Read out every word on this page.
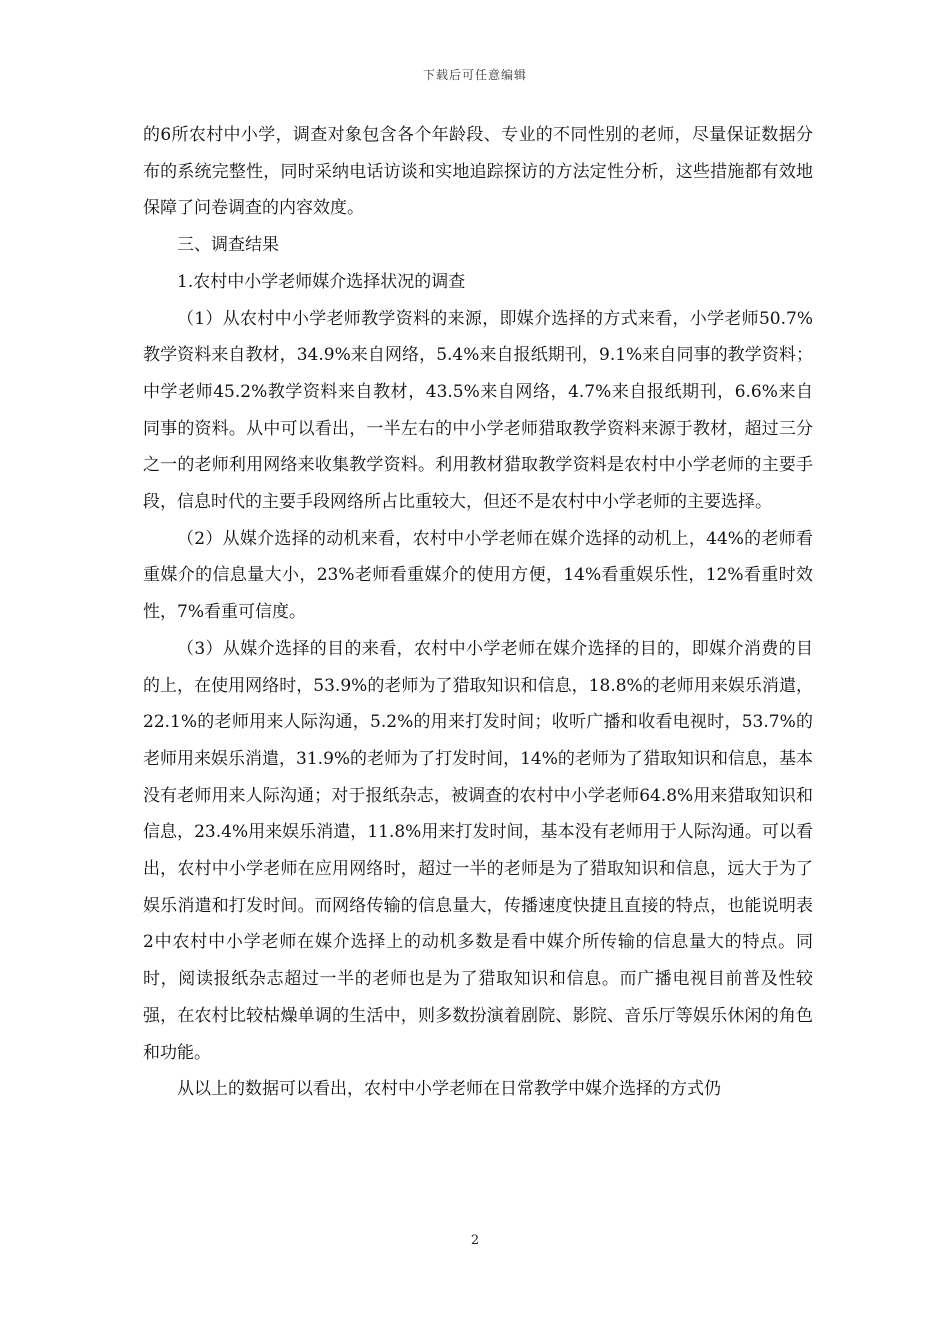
下载后可任意编辑

的6所农村中小学，调查对象包含各个年龄段、专业的不同性别的老师，尽量保证数据分布的系统完整性，同时采纳电话访谈和实地追踪探访的方法定性分析，这些措施都有效地保障了问卷调查的内容效度。

三、调查结果

1.农村中小学老师媒介选择状况的调查

（1）从农村中小学老师教学资料的来源，即媒介选择的方式来看，小学老师50.7%教学资料来自教材，34.9%来自网络，5.4%来自报纸期刊，9.1%来自同事的教学资料；中学老师45.2%教学资料来自教材，43.5%来自网络，4.7%来自报纸期刊，6.6%来自同事的资料。从中可以看出，一半左右的中小学老师猎取教学资料来源于教材，超过三分之一的老师利用网络来收集教学资料。利用教材猎取教学资料是农村中小学老师的主要手段，信息时代的主要手段网络所占比重较大，但还不是农村中小学老师的主要选择。

（2）从媒介选择的动机来看，农村中小学老师在媒介选择的动机上，44%的老师看重媒介的信息量大小，23%老师看重媒介的使用方便，14%看重娱乐性，12%看重时效性，7%看重可信度。

（3）从媒介选择的目的来看，农村中小学老师在媒介选择的目的，即媒介消费的目的上，在使用网络时，53.9%的老师为了猎取知识和信息，18.8%的老师用来娱乐消遣，22.1%的老师用来人际沟通，5.2%的用来打发时间；收听广播和收看电视时，53.7%的老师用来娱乐消遣，31.9%的老师为了打发时间，14%的老师为了猎取知识和信息，基本没有老师用来人际沟通；对于报纸杂志，被调查的农村中小学老师64.8%用来猎取知识和信息，23.4%用来娱乐消遣，11.8%用来打发时间，基本没有老师用于人际沟通。可以看出，农村中小学老师在应用网络时，超过一半的老师是为了猎取知识和信息，远大于为了娱乐消遣和打发时间。而网络传输的信息量大，传播速度快捷且直接的特点，也能说明表2中农村中小学老师在媒介选择上的动机多数是看中媒介所传输的信息量大的特点。同时，阅读报纸杂志超过一半的老师也是为了猎取知识和信息。而广播电视目前普及性较强，在农村比较枯燥单调的生活中，则多数扮演着剧院、影院、音乐厅等娱乐休闲的角色和功能。

从以上的数据可以看出，农村中小学老师在日常教学中媒介选择的方式仍

2
